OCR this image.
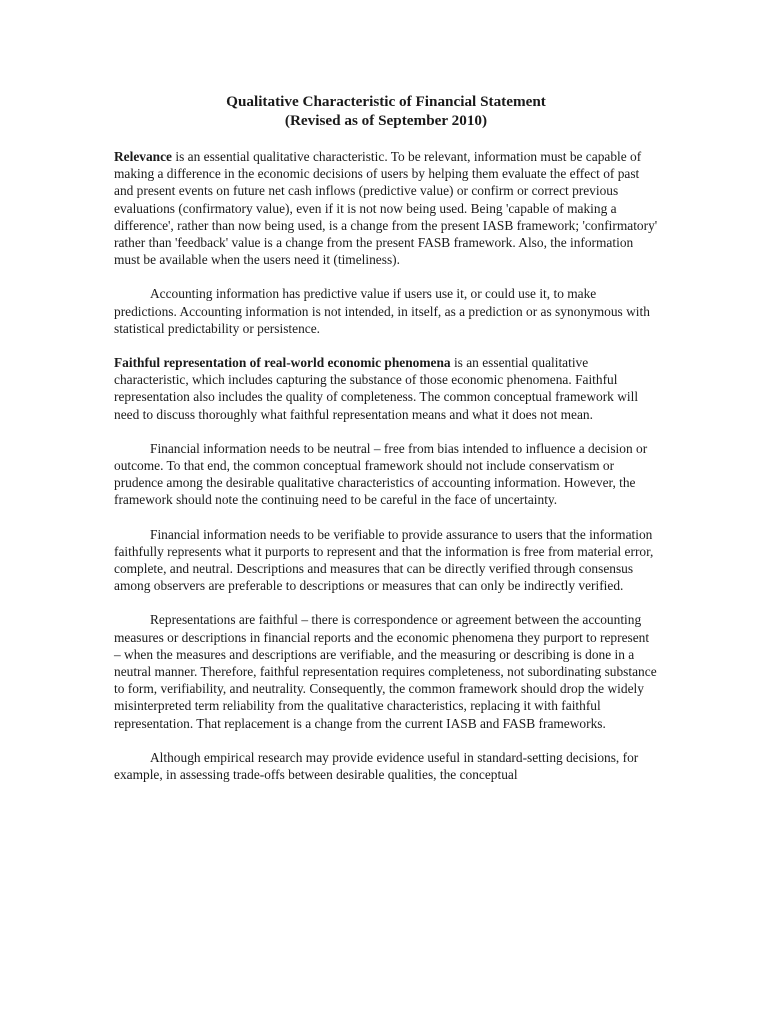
Qualitative Characteristic of Financial Statement
(Revised as of September 2010)

Relevance is an essential qualitative characteristic. To be relevant, information must be capable of making a difference in the economic decisions of users by helping them evaluate the effect of past and present events on future net cash inflows (predictive value) or confirm or correct previous evaluations (confirmatory value), even if it is not now being used. Being 'capable of making a difference', rather than now being used, is a change from the present IASB framework; 'confirmatory' rather than 'feedback' value is a change from the present FASB framework. Also, the information must be available when the users need it (timeliness).

Accounting information has predictive value if users use it, or could use it, to make predictions. Accounting information is not intended, in itself, as a prediction or as synonymous with statistical predictability or persistence.

Faithful representation of real-world economic phenomena is an essential qualitative characteristic, which includes capturing the substance of those economic phenomena. Faithful representation also includes the quality of completeness. The common conceptual framework will need to discuss thoroughly what faithful representation means and what it does not mean.

Financial information needs to be neutral – free from bias intended to influence a decision or outcome. To that end, the common conceptual framework should not include conservatism or prudence among the desirable qualitative characteristics of accounting information. However, the framework should note the continuing need to be careful in the face of uncertainty.

Financial information needs to be verifiable to provide assurance to users that the information faithfully represents what it purports to represent and that the information is free from material error, complete, and neutral. Descriptions and measures that can be directly verified through consensus among observers are preferable to descriptions or measures that can only be indirectly verified.

Representations are faithful – there is correspondence or agreement between the accounting measures or descriptions in financial reports and the economic phenomena they purport to represent – when the measures and descriptions are verifiable, and the measuring or describing is done in a neutral manner. Therefore, faithful representation requires completeness, not subordinating substance to form, verifiability, and neutrality. Consequently, the common framework should drop the widely misinterpreted term reliability from the qualitative characteristics, replacing it with faithful representation. That replacement is a change from the current IASB and FASB frameworks.

Although empirical research may provide evidence useful in standard-setting decisions, for example, in assessing trade-offs between desirable qualities, the conceptual
